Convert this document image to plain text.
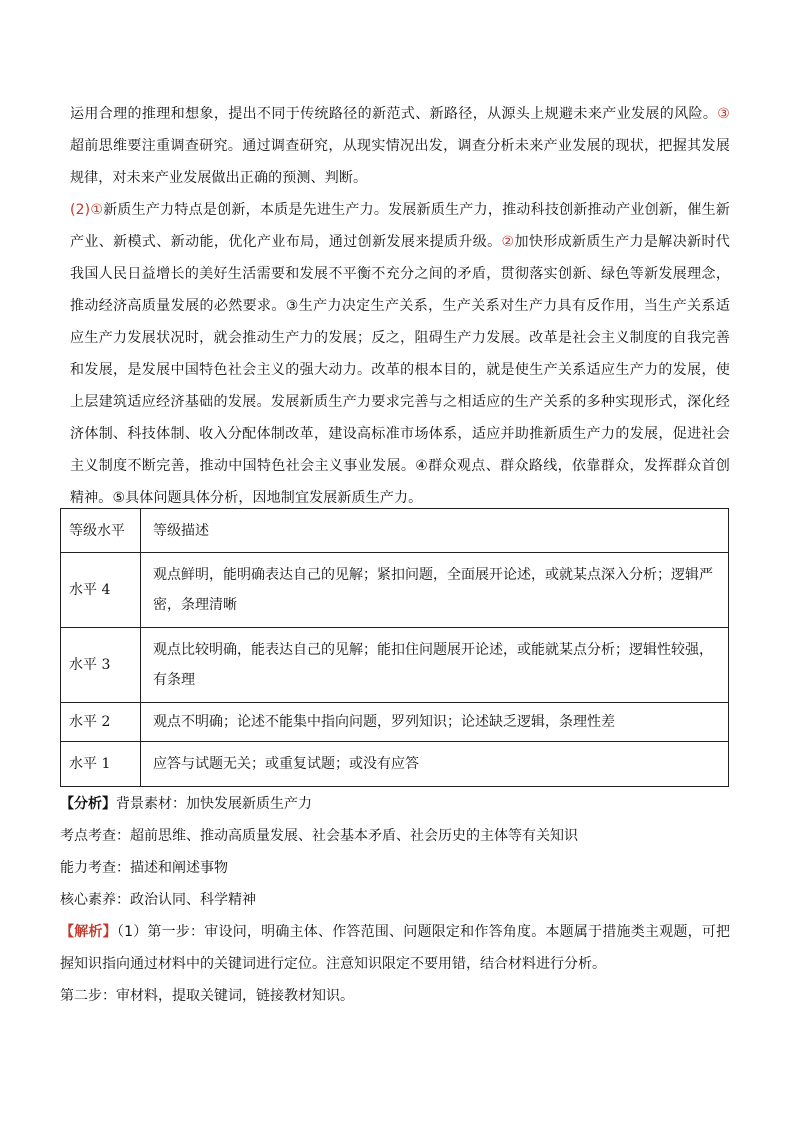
运用合理的推理和想象，提出不同于传统路径的新范式、新路径，从源头上规避未来产业发展的风险。③超前思维要注重调查研究。通过调查研究，从现实情况出发，调查分析未来产业发展的现状，把握其发展规律，对未来产业发展做出正确的预测、判断。

(2)①新质生产力特点是创新，本质是先进生产力。发展新质生产力，推动科技创新推动产业创新，催生新产业、新模式、新动能，优化产业布局，通过创新发展来提质升级。②加快形成新质生产力是解决新时代我国人民日益增长的美好生活需要和发展不平衡不充分之间的矛盾，贯彻落实创新、绿色等新发展理念，推动经济高质量发展的必然要求。③生产力决定生产关系，生产关系对生产力具有反作用，当生产关系适应生产力发展状况时，就会推动生产力的发展；反之，阻碍生产力发展。改革是社会主义制度的自我完善和发展，是发展中国特色社会主义的强大动力。改革的根本目的，就是使生产关系适应生产力的发展，使上层建筑适应经济基础的发展。发展新质生产力要求完善与之相适应的生产关系的多种实现形式，深化经济体制、科技体制、收入分配体制改革，建设高标准市场体系，适应并助推新质生产力的发展，促进社会主义制度不断完善，推动中国特色社会主义事业发展。④群众观点、群众路线，依靠群众，发挥群众首创精神。⑤具体问题具体分析，因地制宜发展新质生产力。

等级水平	等级描述
水平 4	观点鲜明，能明确表达自己的见解；紧扣问题，全面展开论述，或就某点深入分析；逻辑严密，条理清晰
水平 3	观点比较明确，能表达自己的见解；能扣住问题展开论述，或能就某点分析；逻辑性较强，有条理
水平 2	观点不明确；论述不能集中指向问题，罗列知识；论述缺乏逻辑，条理性差
水平 1	应答与试题无关；或重复试题；或没有应答

【分析】背景素材：加快发展新质生产力

考点考查：超前思维、推动高质量发展、社会基本矛盾、社会历史的主体等有关知识

能力考查：描述和阐述事物

核心素养：政治认同、科学精神

【解析】（1）第一步：审设问，明确主体、作答范围、问题限定和作答角度。本题属于措施类主观题，可把握知识指向通过材料中的关键词进行定位。注意知识限定不要用错，结合材料进行分析。

第二步：审材料，提取关键词，链接教材知识。
